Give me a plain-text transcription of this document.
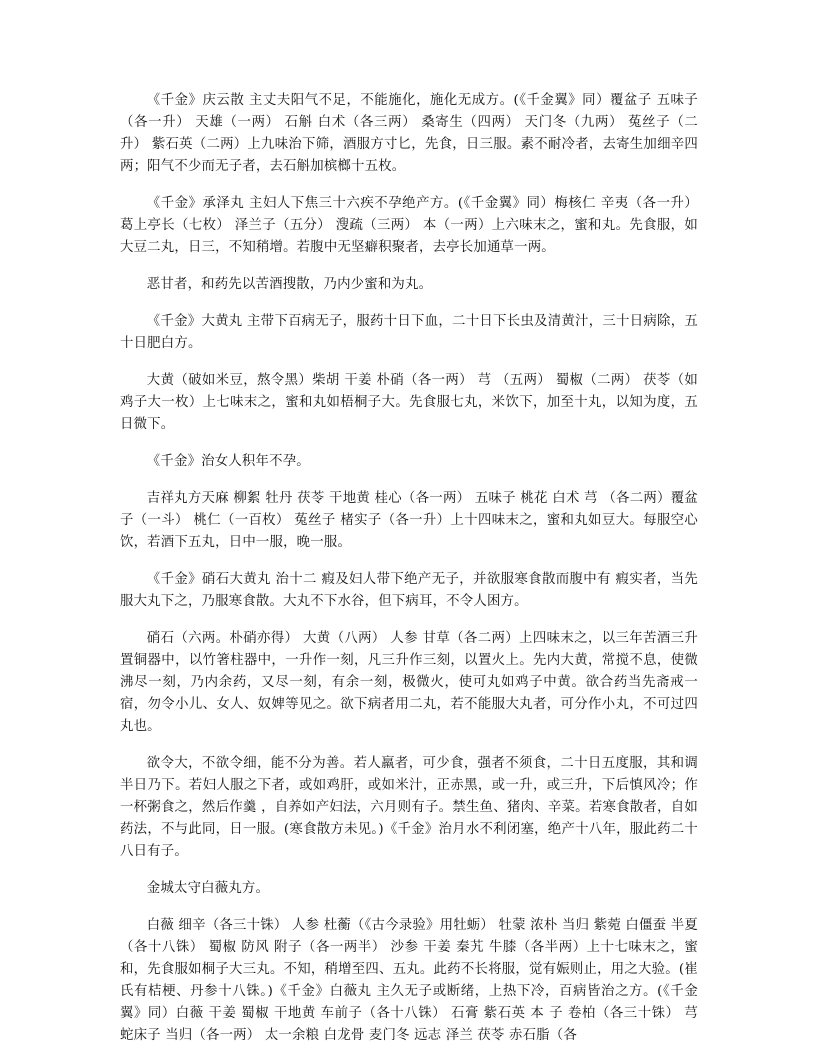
《千金》庆云散 主丈夫阳气不足，不能施化，施化无成方。(《千金翼》同）覆盆子 五味子（各一升） 天雄（一两） 石斛 白术（各三两） 桑寄生（四两） 天门冬（九两） 菟丝子（二升） 紫石英（二两）上九味治下筛，酒服方寸匕，先食，日三服。素不耐冷者，去寄生加细辛四两；阳气不少而无子者，去石斛加槟榔十五枚。

《千金》承泽丸 主妇人下焦三十六疾不孕绝产方。(《千金翼》同）梅核仁 辛夷（各一升） 葛上亭长（七枚） 泽兰子（五分） 溲疏（三两） 本（一两）上六味末之，蜜和丸。先食服，如大豆二丸，日三，不知稍增。若腹中无坚癖积聚者，去亭长加通草一两。

恶甘者，和药先以苦酒搜散，乃内少蜜和为丸。

《千金》大黄丸 主带下百病无子，服药十日下血，二十日下长虫及清黄汁，三十日病除，五十日肥白方。

大黄（破如米豆，熬令黑）柴胡 干姜 朴硝（各一两） 芎 （五两） 蜀椒（二两） 茯苓（如鸡子大一枚）上七味末之，蜜和丸如梧桐子大。先食服七丸，米饮下，加至十丸，以知为度，五日微下。

《千金》治女人积年不孕。

吉祥丸方天麻 柳絮 牡丹 茯苓 干地黄 桂心（各一两） 五味子 桃花 白术 芎 （各二两）覆盆子（一斗） 桃仁（一百枚） 菟丝子 楮实子（各一升）上十四味末之，蜜和丸如豆大。每服空心饮，若酒下五丸，日中一服，晚一服。

《千金》硝石大黄丸 治十二 瘕及妇人带下绝产无子，并欲服寒食散而腹中有 瘕实者，当先服大丸下之，乃服寒食散。大丸不下水谷，但下病耳，不令人困方。

硝石（六两。朴硝亦得） 大黄（八两） 人参 甘草（各二两）上四味末之，以三年苦酒三升置铜器中，以竹箸柱器中，一升作一刻，凡三升作三刻，以置火上。先内大黄，常搅不息，使微沸尽一刻，乃内余药，又尽一刻，有余一刻，极微火，使可丸如鸡子中黄。欲合药当先斋戒一宿，勿令小儿、女人、奴婢等见之。欲下病者用二丸，若不能服大丸者，可分作小丸，不可过四丸也。

欲令大，不欲令细，能不分为善。若人羸者，可少食，强者不须食，二十日五度服，其和调半日乃下。若妇人服之下者，或如鸡肝，或如米汁，正赤黑，或一升，或三升，下后慎风冷；作一杯粥食之，然后作羹 ，自养如产妇法，六月则有子。禁生鱼、猪肉、辛菜。若寒食散者，自如药法，不与此同，日一服。(寒食散方未见。)《千金》治月水不利闭塞，绝产十八年，服此药二十八日有子。

金城太守白薇丸方。

白薇 细辛（各三十铢） 人参 杜蘅（《古今录验》用牡蛎） 牡蒙 浓朴 当归 紫菀 白僵蚕 半夏（各十八铢） 蜀椒 防风 附子（各一两半） 沙参 干姜 秦艽 牛膝（各半两）上十七味末之，蜜和，先食服如桐子大三丸。不知，稍增至四、五丸。此药不长将服，觉有娠则止，用之大验。(崔氏有桔梗、丹参十八铢。)《千金》白薇丸 主久无子或断绪，上热下冷，百病皆治之方。(《千金翼》同）白薇 干姜 蜀椒 干地黄 车前子（各十八铢） 石膏 紫石英 本 子 卷柏（各三十铢） 芎 蛇床子 当归（各一两） 太一余粮 白龙骨 麦门冬 远志 泽兰 茯苓 赤石脂（各
